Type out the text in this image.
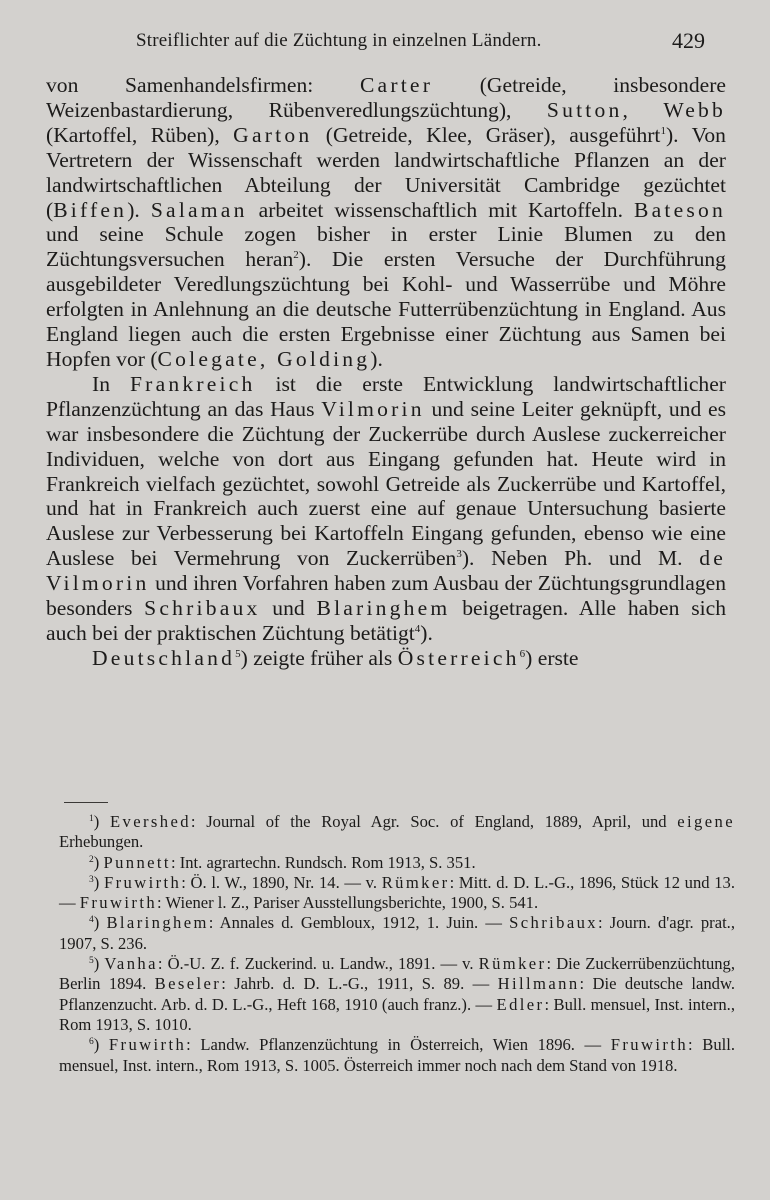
Streiflichter auf die Züchtung in einzelnen Ländern.	429

von Samenhandelsfirmen: Carter (Getreide, insbesondere Weizenbastardierung, Rübenveredlungszüchtung), Sutton, Webb (Kartoffel, Rüben), Garton (Getreide, Klee, Gräser), ausgeführt$^1$). Von Vertretern der Wissenschaft werden landwirtschaftliche Pflanzen an der landwirtschaftlichen Abteilung der Universität Cambridge gezüchtet (Biffen). Salaman arbeitet wissenschaftlich mit Kartoffeln. Bateson und seine Schule zogen bisher in erster Linie Blumen zu den Züchtungsversuchen heran$^2$). Die ersten Versuche der Durchführung ausgebildeter Veredlungszüchtung bei Kohl- und Wasserrübe und Möhre erfolgten in Anlehnung an die deutsche Futterrübenzüchtung in England. Aus England liegen auch die ersten Ergebnisse einer Züchtung aus Samen bei Hopfen vor (Colegate, Golding).

In Frankreich ist die erste Entwicklung landwirtschaftlicher Pflanzenzüchtung an das Haus Vilmorin und seine Leiter geknüpft, und es war insbesondere die Züchtung der Zuckerrübe durch Auslese zuckerreicher Individuen, welche von dort aus Eingang gefunden hat. Heute wird in Frankreich vielfach gezüchtet, sowohl Getreide als Zuckerrübe und Kartoffel, und hat in Frankreich auch zuerst eine auf genaue Untersuchung basierte Auslese zur Verbesserung bei Kartoffeln Eingang gefunden, ebenso wie eine Auslese bei Vermehrung von Zuckerrüben$^3$). Neben Ph. und M. de Vilmorin und ihren Vorfahren haben zum Ausbau der Züchtungsgrundlagen besonders Schribaux und Blaringhem beigetragen. Alle haben sich auch bei der praktischen Züchtung betätigt$^4$).

Deutschland$^5$) zeigte früher als Österreich$^6$) erste

$^1$) Evershed: Journal of the Royal Agr. Soc. of England, 1889, April, und eigene Erhebungen.

$^2$) Punnett: Int. agrartechn. Rundsch. Rom 1913, S. 351.

$^3$) Fruwirth: Ö. l. W., 1890, Nr. 14. — v. Rümker: Mitt. d. D. L.-G., 1896, Stück 12 und 13. — Fruwirth: Wiener l. Z., Pariser Ausstellungsberichte, 1900, S. 541.

$^4$) Blaringhem: Annales d. Gembloux, 1912, 1. Juin. — Schribaux: Journ. d'agr. prat., 1907, S. 236.

$^5$) Vanha: Ö.-U. Z. f. Zuckerind. u. Landw., 1891. — v. Rümker: Die Zuckerrübenzüchtung, Berlin 1894. Beseler: Jahrb. d. D. L.-G., 1911, S. 89. — Hillmann: Die deutsche landw. Pflanzenzucht. Arb. d. D. L.-G., Heft 168, 1910 (auch franz.). — Edler: Bull. mensuel, Inst. intern., Rom 1913, S. 1010.

$^6$) Fruwirth: Landw. Pflanzenzüchtung in Österreich, Wien 1896. — Fruwirth: Bull. mensuel, Inst. intern., Rom 1913, S. 1005. Österreich immer noch nach dem Stand von 1918.
